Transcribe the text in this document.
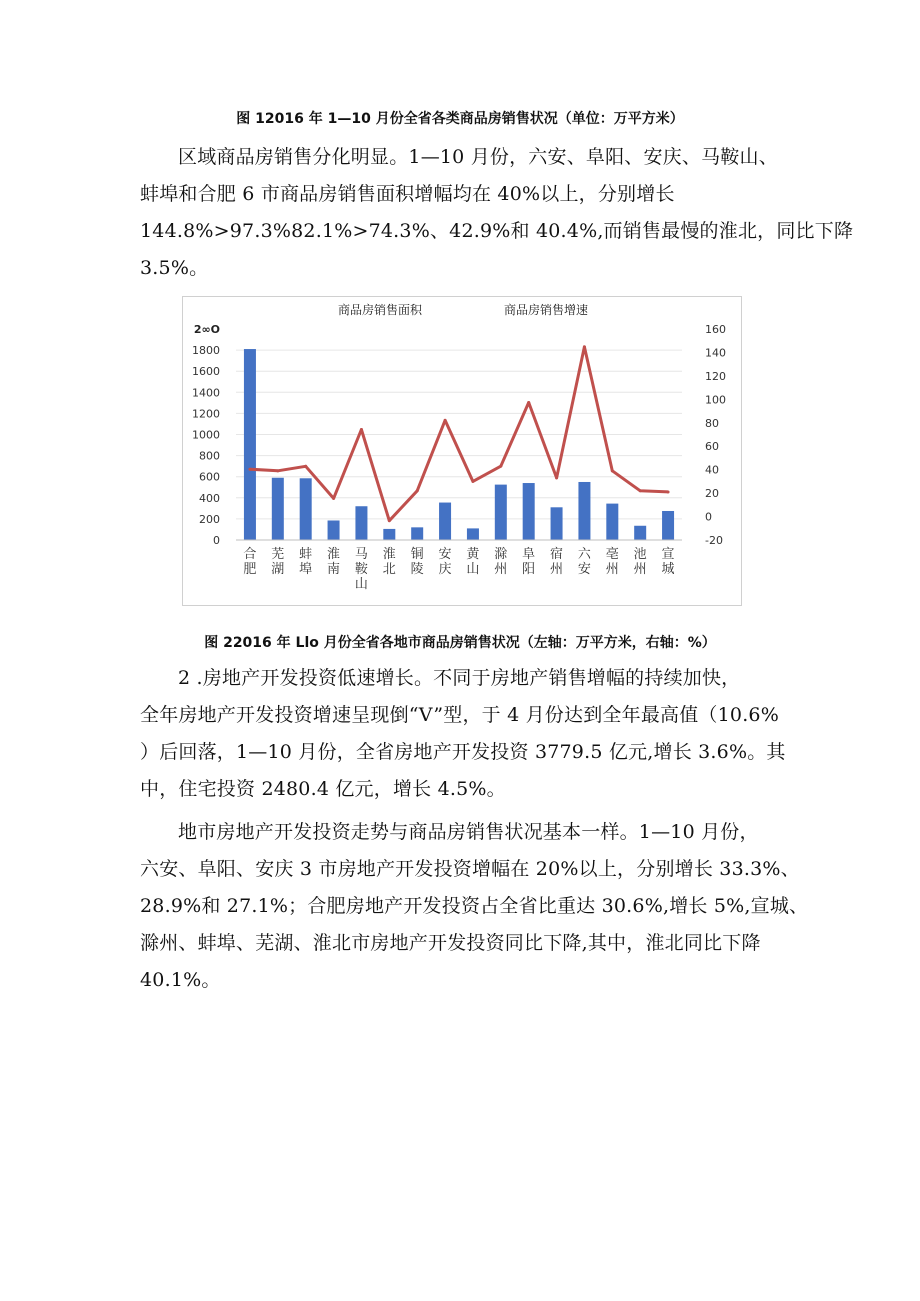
图 12016 年 1—10 月份全省各类商品房销售状况（单位：万平方米）

区域商品房销售分化明显。1—10 月份，六安、阜阳、安庆、马鞍山、
蚌埠和合肥 6 市商品房销售面积增幅均在 40%以上，分别增长
144.8%>97.3%82.1%>74.3%、42.9%和 40.4%,而销售最慢的淮北，同比下降
3.5%。

商品房销售面积	商品房销售增速
0
200
400
600
800
1000
1200
1400
1600
1800
2∞O
-20
0
20
40
60
80
100
120
140
160
合肥
芜湖
蚌埠
淮南
马鞍山
淮北
铜陵
安庆
黄山
滁州
阜阳
宿州
六安
亳州
池州
宣城
图 22016 年 Llo 月份全省各地市商品房销售状况（左轴：万平方米，右轴：%）

2 .房地产开发投资低速增长。不同于房地产销售增幅的持续加快，
全年房地产开发投资增速呈现倒“V”型，于 4 月份达到全年最高值（10.6%
）后回落，1—10 月份，全省房地产开发投资 3779.5 亿元,增长 3.6%。其
中，住宅投资 2480.4 亿元，增长 4.5%。

地市房地产开发投资走势与商品房销售状况基本一样。1—10 月份，
六安、阜阳、安庆 3 市房地产开发投资增幅在 20%以上，分别增长 33.3%、
28.9%和 27.1%；合肥房地产开发投资占全省比重达 30.6%,增长 5%,宣城、
滁州、蚌埠、芜湖、淮北市房地产开发投资同比下降,其中，淮北同比下降
40.1%。
